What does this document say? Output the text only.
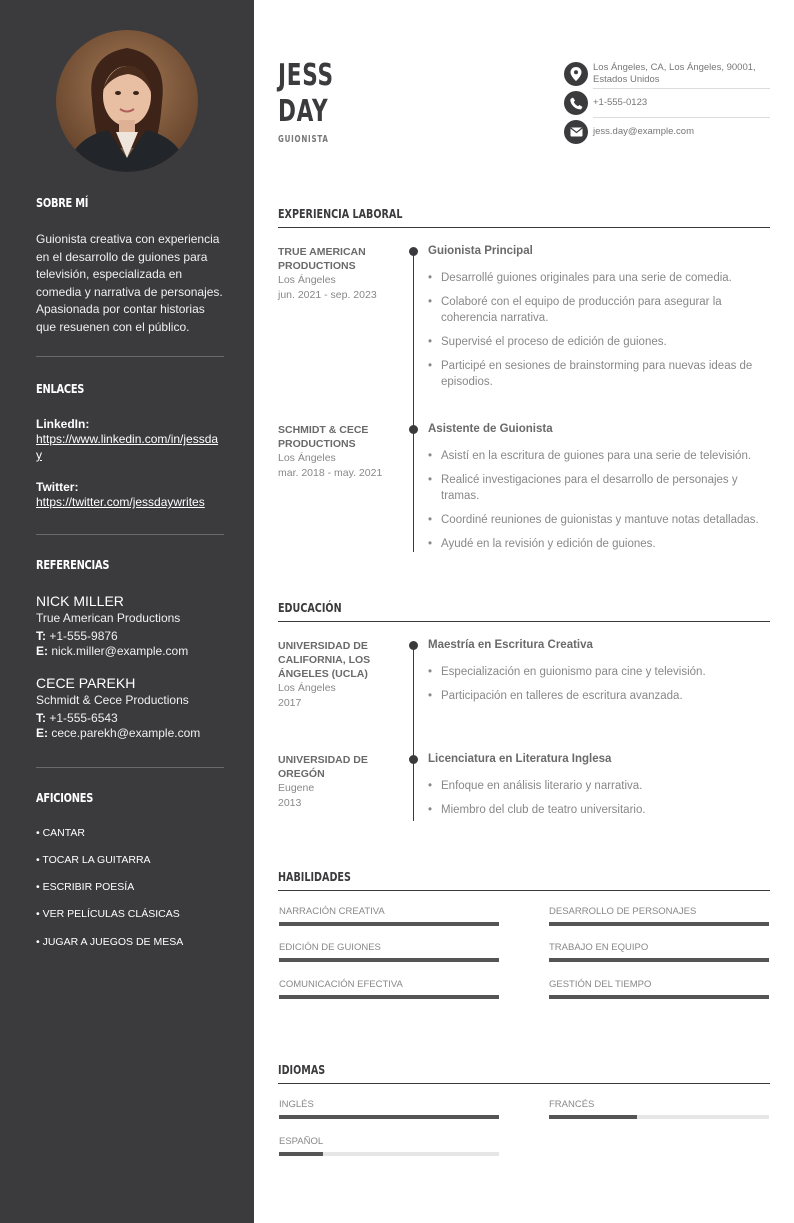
SOBRE MÍ

Guionista creativa con experiencia en el desarrollo de guiones para televisión, especializada en comedia y narrativa de personajes. Apasionada por contar historias que resuenen con el público.

ENLACES
LinkedIn:
https://www.linkedin.com/in/jessday
Twitter:
https://twitter.com/jessdaywrites
REFERENCIAS
NICK MILLER
True American Productions
T: +1-555-9876
E: nick.miller@example.com
CECE PAREKH
Schmidt & Cece Productions
T: +1-555-6543
E: cece.parekh@example.com
AFICIONES
• CANTAR
• TOCAR LA GUITARRA
• ESCRIBIR POESÍA
• VER PELÍCULAS CLÁSICAS
• JUGAR A JUEGOS DE MESA
JESS
DAY
GUIONISTA
Los Ángeles, CA, Los Ángeles, 90001, Estados Unidos
+1-555-0123
jess.day@example.com
EXPERIENCIA LABORAL
TRUE AMERICAN PRODUCTIONS
Los Ángeles
jun. 2021 - sep. 2023
Guionista Principal
• Desarrollé guiones originales para una serie de comedia.
• Colaboré con el equipo de producción para asegurar la coherencia narrativa.
• Supervisé el proceso de edición de guiones.
• Participé en sesiones de brainstorming para nuevas ideas de episodios.
SCHMIDT & CECE PRODUCTIONS
Los Ángeles
mar. 2018 - may. 2021
Asistente de Guionista
• Asistí en la escritura de guiones para una serie de televisión.
• Realicé investigaciones para el desarrollo de personajes y tramas.
• Coordiné reuniones de guionistas y mantuve notas detalladas.
• Ayudé en la revisión y edición de guiones.
EDUCACIÓN
UNIVERSIDAD DE CALIFORNIA, LOS ÁNGELES (UCLA)
Los Ángeles
2017
Maestría en Escritura Creativa
• Especialización en guionismo para cine y televisión.
• Participación en talleres de escritura avanzada.
UNIVERSIDAD DE OREGÓN
Eugene
2013
Licenciatura en Literatura Inglesa
• Enfoque en análisis literario y narrativa.
• Miembro del club de teatro universitario.
HABILIDADES
NARRACIÓN CREATIVA	DESARROLLO DE PERSONAJES
EDICIÓN DE GUIONES	TRABAJO EN EQUIPO
COMUNICACIÓN EFECTIVA	GESTIÓN DEL TIEMPO
IDIOMAS
INGLÉS	FRANCÉS
ESPAÑOL
